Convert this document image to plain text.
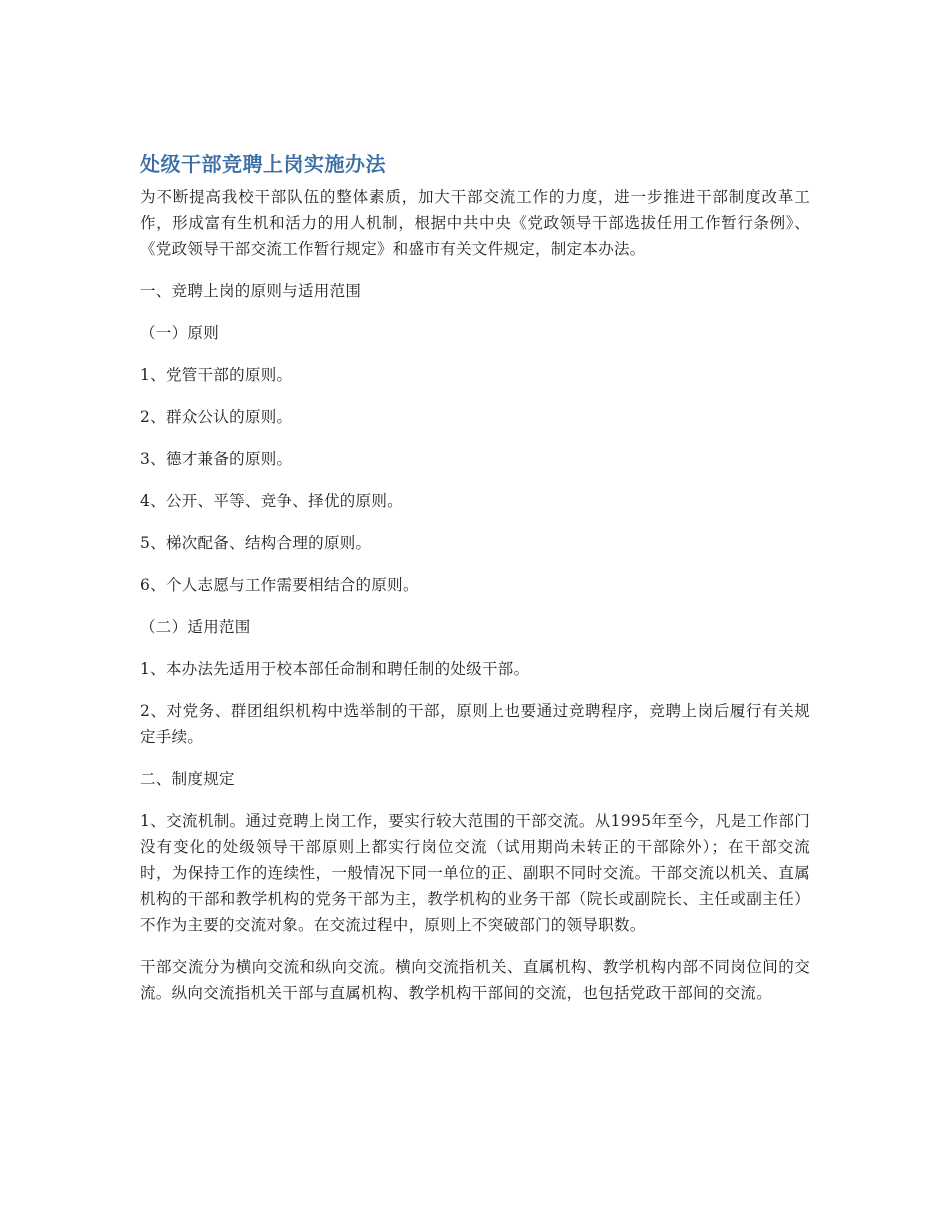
处级干部竞聘上岗实施办法

为不断提高我校干部队伍的整体素质，加大干部交流工作的力度，进一步推进干部制度改革工作，形成富有生机和活力的用人机制，根据中共中央《党政领导干部选拔任用工作暂行条例》、《党政领导干部交流工作暂行规定》和盛市有关文件规定，制定本办法。

一、竞聘上岗的原则与适用范围

（一）原则

1、党管干部的原则。

2、群众公认的原则。

3、德才兼备的原则。

4、公开、平等、竞争、择优的原则。

5、梯次配备、结构合理的原则。

6、个人志愿与工作需要相结合的原则。

（二）适用范围

1、本办法先适用于校本部任命制和聘任制的处级干部。

2、对党务、群团组织机构中选举制的干部，原则上也要通过竞聘程序，竞聘上岗后履行有关规定手续。

二、制度规定

1、交流机制。通过竞聘上岗工作，要实行较大范围的干部交流。从1995年至今，凡是工作部门没有变化的处级领导干部原则上都实行岗位交流（试用期尚未转正的干部除外）；在干部交流时，为保持工作的连续性，一般情况下同一单位的正、副职不同时交流。干部交流以机关、直属机构的干部和教学机构的党务干部为主，教学机构的业务干部（院长或副院长、主任或副主任）不作为主要的交流对象。在交流过程中，原则上不突破部门的领导职数。

干部交流分为横向交流和纵向交流。横向交流指机关、直属机构、教学机构内部不同岗位间的交流。纵向交流指机关干部与直属机构、教学机构干部间的交流，也包括党政干部间的交流。
